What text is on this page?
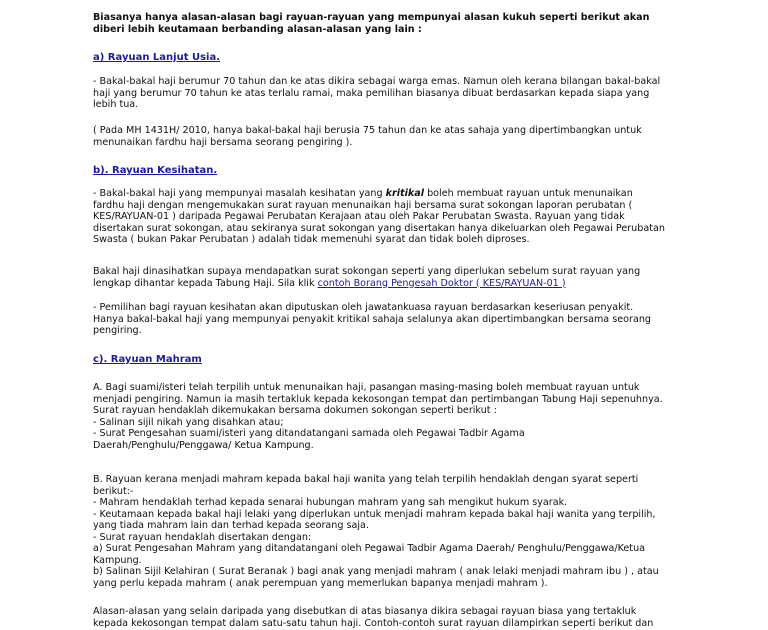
Biasanya hanya alasan-alasan bagi rayuan-rayuan yang mempunyai alasan kukuh seperti berikut akan
diberi lebih keutamaan berbanding alasan-alasan yang lain :

a) Rayuan Lanjut Usia.

- Bakal-bakal haji berumur 70 tahun dan ke atas dikira sebagai warga emas. Namun oleh kerana bilangan bakal-bakal
haji yang berumur 70 tahun ke atas terlalu ramai, maka pemilihan biasanya dibuat berdasarkan kepada siapa yang
lebih tua.

( Pada MH 1431H/ 2010, hanya bakal-bakal haji berusia 75 tahun dan ke atas sahaja yang dipertimbangkan untuk
menunaikan fardhu haji bersama seorang pengiring ).

b). Rayuan Kesihatan.

- Bakal-bakal haji yang mempunyai masalah kesihatan yang kritikal boleh membuat rayuan untuk menunaikan
fardhu haji dengan mengemukakan surat rayuan menunaikan haji bersama surat sokongan laporan perubatan (
KES/RAYUAN-01 ) daripada Pegawai Perubatan Kerajaan atau oleh Pakar Perubatan Swasta. Rayuan yang tidak
disertakan surat sokongan, atau sekiranya surat sokongan yang disertakan hanya dikeluarkan oleh Pegawai Perubatan
Swasta ( bukan Pakar Perubatan ) adalah tidak memenuhi syarat dan tidak boleh diproses.

Bakal haji dinasihatkan supaya mendapatkan surat sokongan seperti yang diperlukan sebelum surat rayuan yang
lengkap dihantar kepada Tabung Haji. Sila klik contoh Borang Pengesah Doktor ( KES/RAYUAN-01 )

- Pemilihan bagi rayuan kesihatan akan diputuskan oleh jawatankuasa rayuan berdasarkan keseriusan penyakit.
Hanya bakal-bakal haji yang mempunyai penyakit kritikal sahaja selalunya akan dipertimbangkan bersama seorang
pengiring.

c). Rayuan Mahram

A. Bagi suami/isteri telah terpilih untuk menunaikan haji, pasangan masing-masing boleh membuat rayuan untuk
menjadi pengiring. Namun ia masih tertakluk kepada kekosongan tempat dan pertimbangan Tabung Haji sepenuhnya.
Surat rayuan hendaklah dikemukakan bersama dokumen sokongan seperti berikut :
- Salinan sijil nikah yang disahkan atau;
- Surat Pengesahan suami/isteri yang ditandatangani samada oleh Pegawai Tadbir Agama
Daerah/Penghulu/Penggawa/ Ketua Kampung.

B. Rayuan kerana menjadi mahram kepada bakal haji wanita yang telah terpilih hendaklah dengan syarat seperti
berikut:-
- Mahram hendaklah terhad kepada senarai hubungan mahram yang sah mengikut hukum syarak.
- Keutamaan kepada bakal haji lelaki yang diperlukan untuk menjadi mahram kepada bakal haji wanita yang terpilih,
yang tiada mahram lain dan terhad kepada seorang saja.
- Surat rayuan hendaklah disertakan dengan:
a) Surat Pengesahan Mahram yang ditandatangani oleh Pegawai Tadbir Agama Daerah/ Penghulu/Penggawa/Ketua
Kampung.
b) Salinan Sijil Kelahiran ( Surat Beranak ) bagi anak yang menjadi mahram ( anak lelaki menjadi mahram ibu ) , atau
yang perlu kepada mahram ( anak perempuan yang memerlukan bapanya menjadi mahram ).

Alasan-alasan yang selain daripada yang disebutkan di atas biasanya dikira sebagai rayuan biasa yang tertakluk
kepada kekosongan tempat dalam satu-satu tahun haji. Contoh-contoh surat rayuan dilampirkan seperti berikut dan
